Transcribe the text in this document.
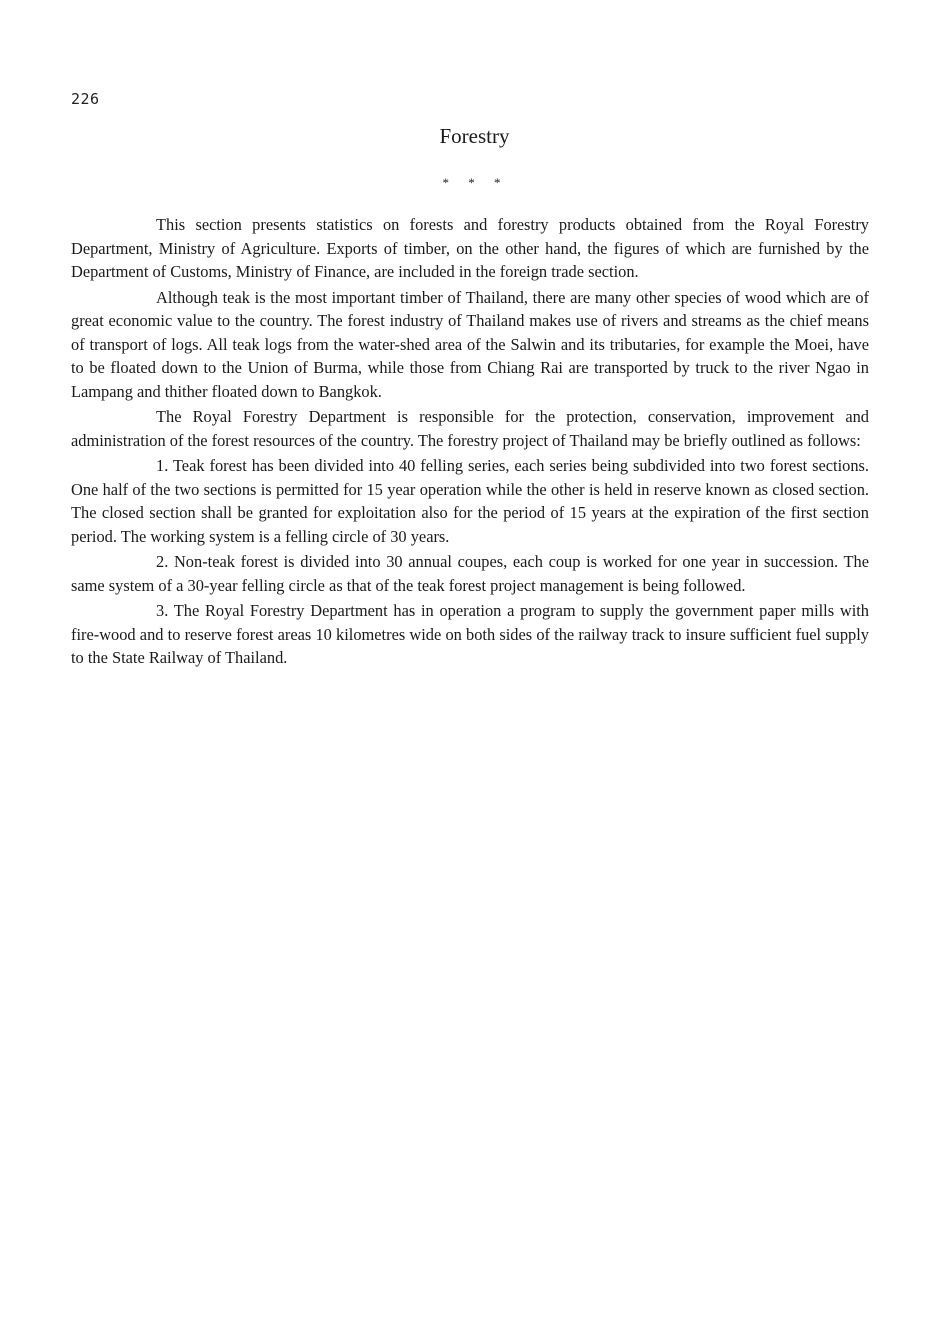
226
Forestry
* * *

This section presents statistics on forests and forestry products obtained from the Royal Forestry Department, Ministry of Agriculture. Exports of timber, on the other hand, the figures of which are furnished by the Department of Customs, Ministry of Finance, are included in the foreign trade section.

Although teak is the most important timber of Thailand, there are many other species of wood which are of great economic value to the country. The forest industry of Thailand makes use of rivers and streams as the chief means of transport of logs. All teak logs from the water-shed area of the Salwin and its tributaries, for example the Moei, have to be floated down to the Union of Burma, while those from Chiang Rai are transported by truck to the river Ngao in Lampang and thither floated down to Bangkok.

The Royal Forestry Department is responsible for the protection, conservation, improvement and administration of the forest resources of the country. The forestry project of Thailand may be briefly outlined as follows:

1. Teak forest has been divided into 40 felling series, each series being subdivided into two forest sections. One half of the two sections is permitted for 15 year operation while the other is held in reserve known as closed section. The closed section shall be granted for exploitation also for the period of 15 years at the expiration of the first section period. The working system is a felling circle of 30 years.

2. Non-teak forest is divided into 30 annual coupes, each coup is worked for one year in succession. The same system of a 30-year felling circle as that of the teak forest project management is being followed.

3. The Royal Forestry Department has in operation a program to supply the government paper mills with fire-wood and to reserve forest areas 10 kilometres wide on both sides of the railway track to insure sufficient fuel supply to the State Railway of Thailand.
